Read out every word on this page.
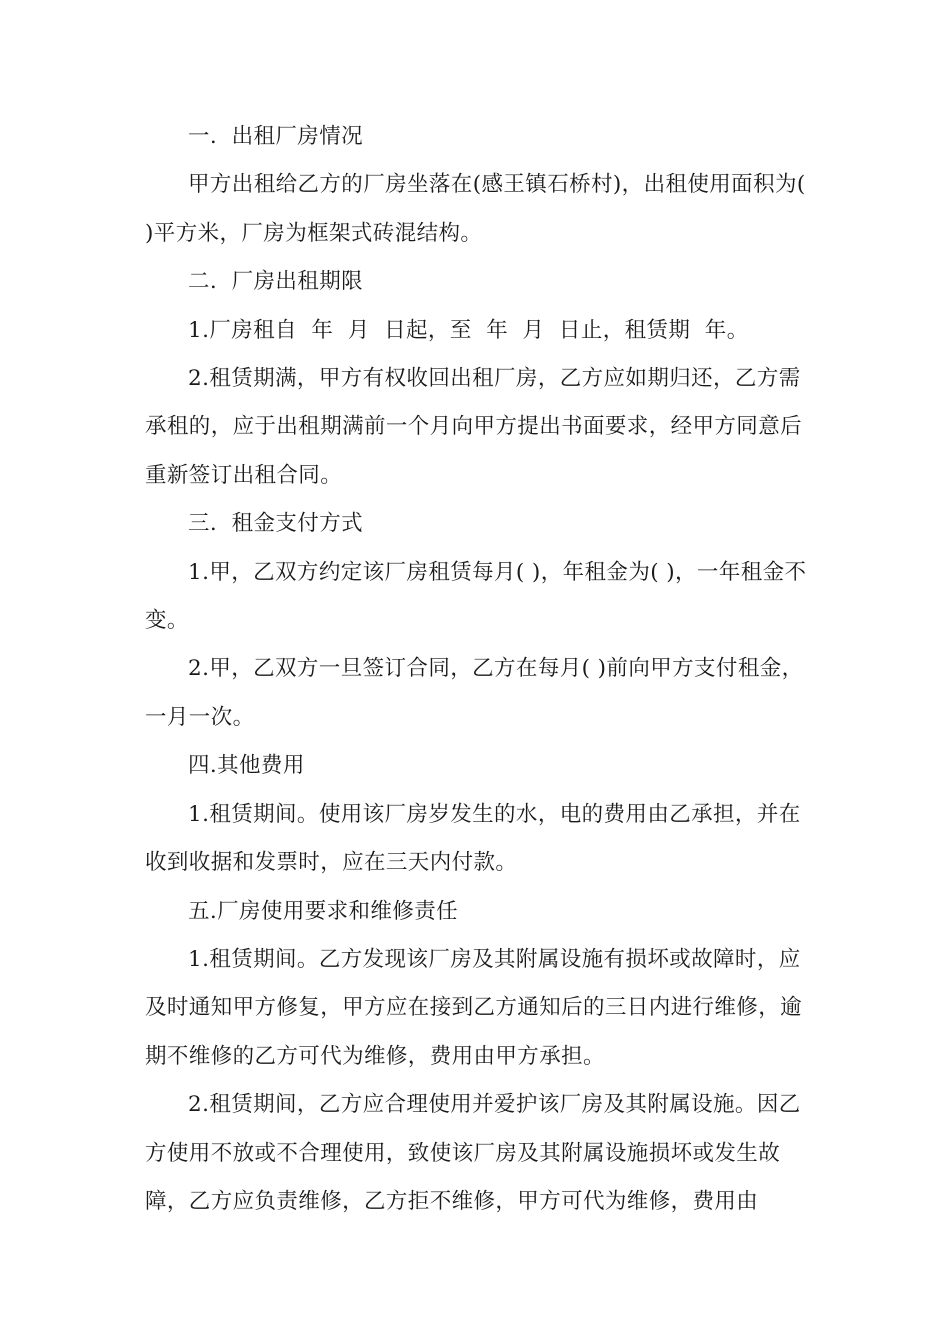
一.  出租厂房情况

甲方出租给乙方的厂房坐落在(感王镇石桥村)，出租使用面积为( )平方米，厂房为框架式砖混结构。

二.  厂房出租期限

1.厂房租自  年  月  日起，至  年  月  日止，租赁期  年。

2.租赁期满，甲方有权收回出租厂房，乙方应如期归还，乙方需承租的，应于出租期满前一个月向甲方提出书面要求，经甲方同意后重新签订出租合同。

三.  租金支付方式

1.甲，乙双方约定该厂房租赁每月( )，年租金为( )，一年租金不变。

2.甲，乙双方一旦签订合同，乙方在每月( )前向甲方支付租金，一月一次。

四.其他费用

1.租赁期间。使用该厂房岁发生的水，电的费用由乙承担，并在收到收据和发票时，应在三天内付款。

五.厂房使用要求和维修责任

1.租赁期间。乙方发现该厂房及其附属设施有损坏或故障时，应及时通知甲方修复，甲方应在接到乙方通知后的三日内进行维修，逾期不维修的乙方可代为维修，费用由甲方承担。

2.租赁期间，乙方应合理使用并爱护该厂房及其附属设施。因乙方使用不放或不合理使用，致使该厂房及其附属设施损坏或发生故障，乙方应负责维修，乙方拒不维修，甲方可代为维修，费用由
